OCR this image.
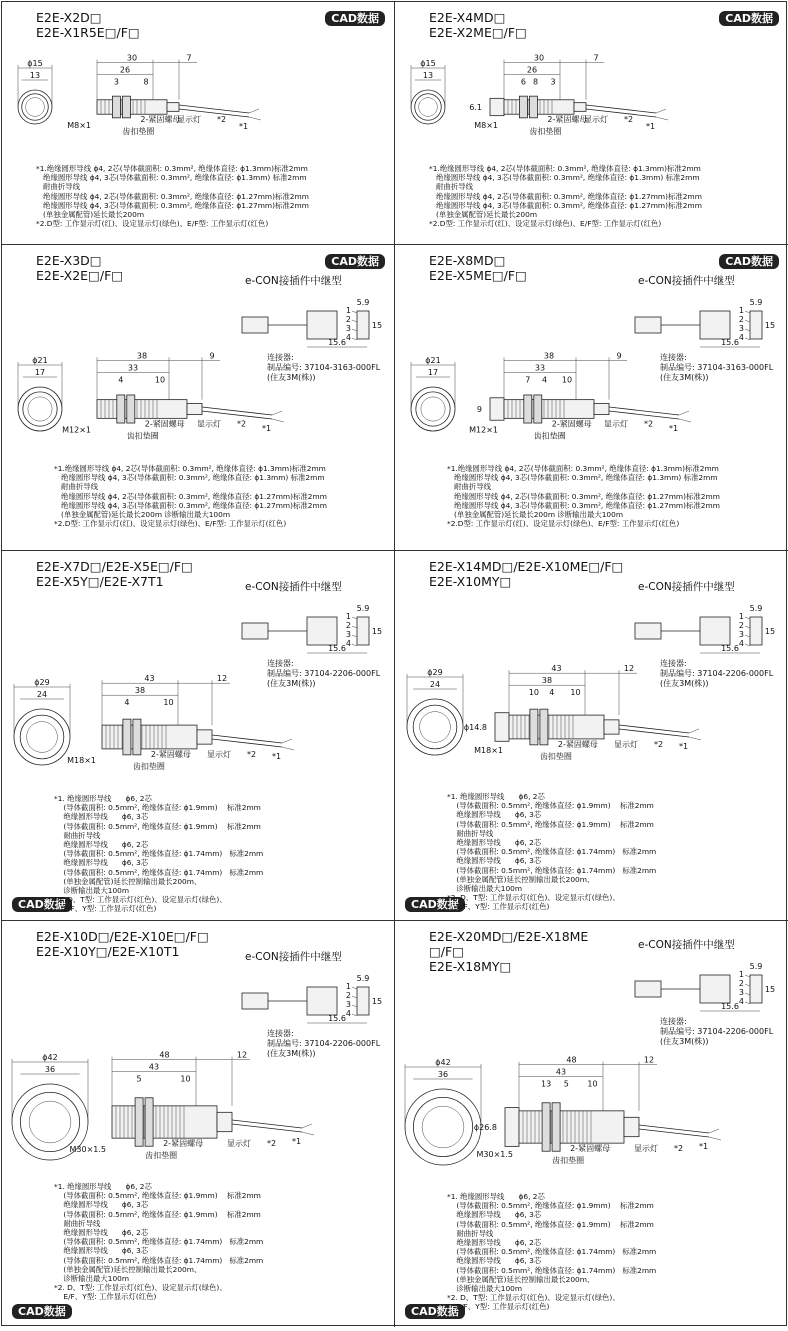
E2E-X2D□
E2E-X1R5E□/F□
CAD数据
ϕ15
13
30	7
26
3	8
M8×1
2-紧固螺母
齿扣垫圈
显示灯 *2
*1
*1.绝缘圆形导线 ϕ4, 2芯(导体截面积: 0.3mm², 绝缘体直径: ϕ1.3mm)标准2mm
绝缘圆形导线 ϕ4, 3芯(导体截面积: 0.3mm², 绝缘体直径: ϕ1.3mm) 标准2mm
耐曲折导线
绝缘圆形导线 ϕ4, 2芯(导体截面积: 0.3mm², 绝缘体直径: ϕ1.27mm)标准2mm
绝缘圆形导线 ϕ4, 3芯(导体截面积: 0.3mm², 绝缘体直径: ϕ1.27mm)标准2mm
(单独金属配管)延长最长200m
*2.D型: 工作显示灯(红)、设定显示灯(绿色)、E/F型: 工作显示灯(红色)
E2E-X4MD□
E2E-X2ME□/F□
CAD数据
ϕ15
13
30	7
26
6	3
8
6.1
M8×1
2-紧固螺母
齿扣垫圈
显示灯 *2
*1
*1.绝缘圆形导线 ϕ4, 2芯(导体截面积: 0.3mm², 绝缘体直径: ϕ1.3mm)标准2mm
绝缘圆形导线 ϕ4, 3芯(导体截面积: 0.3mm², 绝缘体直径: ϕ1.3mm) 标准2mm
耐曲折导线
绝缘圆形导线 ϕ4, 2芯(导体截面积: 0.3mm², 绝缘体直径: ϕ1.27mm)标准2mm
绝缘圆形导线 ϕ4, 3芯(导体截面积: 0.3mm², 绝缘体直径: ϕ1.27mm)标准2mm
(单独金属配管)延长最长200m
*2.D型: 工作显示灯(红)、设定显示灯(绿色)、E/F型: 工作显示灯(红色)
E2E-X3D□
E2E-X2E□/F□
CAD数据
ϕ21
17
38	9
33
4	10
M12×1
2-紧固螺母
齿扣垫圈
显示灯 *2
*1
1
2
3
4
5.9
15
15.6
e-CON接插件中继型
连接器:
制品编号: 37104-3163-000FL
(住友3M(株))
*1.绝缘圆形导线 ϕ4, 2芯(导体截面积: 0.3mm², 绝缘体直径: ϕ1.3mm)标准2mm
绝缘圆形导线 ϕ4, 3芯(导体截面积: 0.3mm², 绝缘体直径: ϕ1.3mm) 标准2mm
耐曲折导线
绝缘圆形导线 ϕ4, 2芯(导体截面积: 0.3mm², 绝缘体直径: ϕ1.27mm)标准2mm
绝缘圆形导线 ϕ4, 3芯(导体截面积: 0.3mm², 绝缘体直径: ϕ1.27mm)标准2mm
(单独金属配管)延长最长200m 诊断输出最大100m
*2.D型: 工作显示灯(红)、设定显示灯(绿色)、E/F型: 工作显示灯(红色)
E2E-X8MD□
E2E-X5ME□/F□
CAD数据
ϕ21
17
38	9
33
7	10
4
9
M12×1
2-紧固螺母
齿扣垫圈
显示灯 *2
*1
1
2
3
4
5.9
15
15.6
e-CON接插件中继型
连接器:
制品编号: 37104-3163-000FL
(住友3M(株))
*1.绝缘圆形导线 ϕ4, 2芯(导体截面积: 0.3mm², 绝缘体直径: ϕ1.3mm)标准2mm
绝缘圆形导线 ϕ4, 3芯(导体截面积: 0.3mm², 绝缘体直径: ϕ1.3mm) 标准2mm
耐曲折导线
绝缘圆形导线 ϕ4, 2芯(导体截面积: 0.3mm², 绝缘体直径: ϕ1.27mm)标准2mm
绝缘圆形导线 ϕ4, 3芯(导体截面积: 0.3mm², 绝缘体直径: ϕ1.27mm)标准2mm
(单独金属配管)延长最长200m 诊断输出最大100m
*2.D型: 工作显示灯(红)、设定显示灯(绿色)、E/F型: 工作显示灯(红色)
E2E-X7D□/E2E-X5E□/F□
E2E-X5Y□/E2E-X7T1
CAD数据
ϕ29
24
43	12
38
4	10
M18×1
2-紧固螺母
齿扣垫圈
显示灯 *2 *1
1
2
3
4
5.9
15
15.6
e-CON接插件中继型
连接器:
制品编号: 37104-2206-000FL
(住友3M(株))
*1. 绝缘圆形导线      ϕ6, 2芯
(导体截面积: 0.5mm², 绝缘体直径: ϕ1.9mm)    标准2mm
绝缘圆形导线      ϕ6, 3芯
(导体截面积: 0.5mm², 绝缘体直径: ϕ1.9mm)    标准2mm
耐曲折导线
绝缘圆形导线      ϕ6, 2芯
(导体截面积: 0.5mm², 绝缘体直径: ϕ1.74mm)   标准2mm
绝缘圆形导线      ϕ6, 3芯
(导体截面积: 0.5mm², 绝缘体直径: ϕ1.74mm)   标准2mm
(单独金属配管)延长控制输出最长200m、
诊断输出最大100m
*2. D、T型: 工作显示灯(红色)、设定显示灯(绿色)、
E/F、Y型: 工作显示灯(红色)
E2E-X14MD□/E2E-X10ME□/F□
E2E-X10MY□
CAD数据
ϕ29
24
43	12
38
10	10
4
ϕ14.8
M18×1
2-紧固螺母
齿扣垫圈
显示灯 *2 *1
1
2
3
4
5.9
15
15.6
e-CON接插件中继型
连接器:
制品编号: 37104-2206-000FL
(住友3M(株))
*1. 绝缘圆形导线      ϕ6, 2芯
(导体截面积: 0.5mm², 绝缘体直径: ϕ1.9mm)    标准2mm
绝缘圆形导线      ϕ6, 3芯
(导体截面积: 0.5mm², 绝缘体直径: ϕ1.9mm)    标准2mm
耐曲折导线
绝缘圆形导线      ϕ6, 2芯
(导体截面积: 0.5mm², 绝缘体直径: ϕ1.74mm)   标准2mm
绝缘圆形导线      ϕ6, 3芯
(导体截面积: 0.5mm², 绝缘体直径: ϕ1.74mm)   标准2mm
(单独金属配管)延长控制输出最长200m、
诊断输出最大100m
*2. D、T型: 工作显示灯(红色)、设定显示灯(绿色)、
E/F、Y型: 工作显示灯(红色)
E2E-X10D□/E2E-X10E□/F□
E2E-X10Y□/E2E-X10T1
CAD数据
ϕ42
36
48	12
43
5	10
M30×1.5
2-紧固螺母
齿扣垫圈
显示灯 *2 *1
1
2
3
4
5.9
15
15.6
e-CON接插件中继型
连接器:
制品编号: 37104-2206-000FL
(住友3M(株))
*1. 绝缘圆形导线      ϕ6, 2芯
(导体截面积: 0.5mm², 绝缘体直径: ϕ1.9mm)    标准2mm
绝缘圆形导线      ϕ6, 3芯
(导体截面积: 0.5mm², 绝缘体直径: ϕ1.9mm)    标准2mm
耐曲折导线
绝缘圆形导线      ϕ6, 2芯
(导体截面积: 0.5mm², 绝缘体直径: ϕ1.74mm)   标准2mm
绝缘圆形导线      ϕ6, 3芯
(导体截面积: 0.5mm², 绝缘体直径: ϕ1.74mm)   标准2mm
(单独金属配管)延长控制输出最长200m、
诊断输出最大100m
*2. D、T型: 工作显示灯(红色)、设定显示灯(绿色)、
E/F、Y型: 工作显示灯(红色)
E2E-X20MD□/E2E-X18ME
□/F□
E2E-X18MY□
CAD数据
ϕ42
36
48	12
43
13	10
5
ϕ26.8
M30×1.5
2-紧固螺母
齿扣垫圈
显示灯 *2 *1
1
2
3
4
5.9
15
15.6
e-CON接插件中继型
连接器:
制品编号: 37104-2206-000FL
(住友3M(株))
*1. 绝缘圆形导线      ϕ6, 2芯
(导体截面积: 0.5mm², 绝缘体直径: ϕ1.9mm)    标准2mm
绝缘圆形导线      ϕ6, 3芯
(导体截面积: 0.5mm², 绝缘体直径: ϕ1.9mm)    标准2mm
耐曲折导线
绝缘圆形导线      ϕ6, 2芯
(导体截面积: 0.5mm², 绝缘体直径: ϕ1.74mm)   标准2mm
绝缘圆形导线      ϕ6, 3芯
(导体截面积: 0.5mm², 绝缘体直径: ϕ1.74mm)   标准2mm
(单独金属配管)延长控制输出最长200m、
诊断输出最大100m
*2. D、T型: 工作显示灯(红色)、设定显示灯(绿色)、
E/F、Y型: 工作显示灯(红色)
